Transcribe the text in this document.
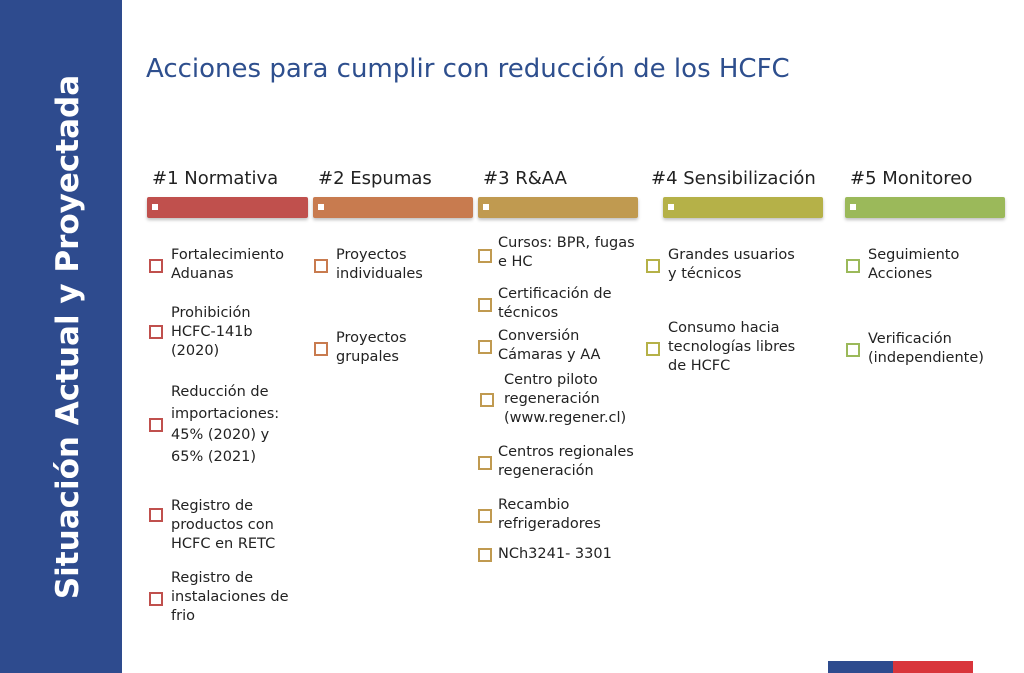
Situación Actual y Proyectada
Acciones para cumplir con reducción de los HCFC
#1 Normativa
Fortalecimiento Aduanas
Prohibición HCFC-141b (2020)
Reducción de importaciones: 45% (2020) y 65% (2021)
Registro de productos con HCFC en RETC
Registro de instalaciones de frio
#2 Espumas
Proyectos individuales
Proyectos grupales
#3 R&AA
Cursos: BPR, fugas e HC
Certificación de técnicos
Conversión Cámaras y AA
Centro piloto regeneración (www.regener.cl)
Centros regionales regeneración
Recambio refrigeradores
NCh3241- 3301
#4 Sensibilización
Grandes usuarios y técnicos
Consumo hacia tecnologías libres de HCFC
#5 Monitoreo
Seguimiento Acciones
Verificación (independiente)
